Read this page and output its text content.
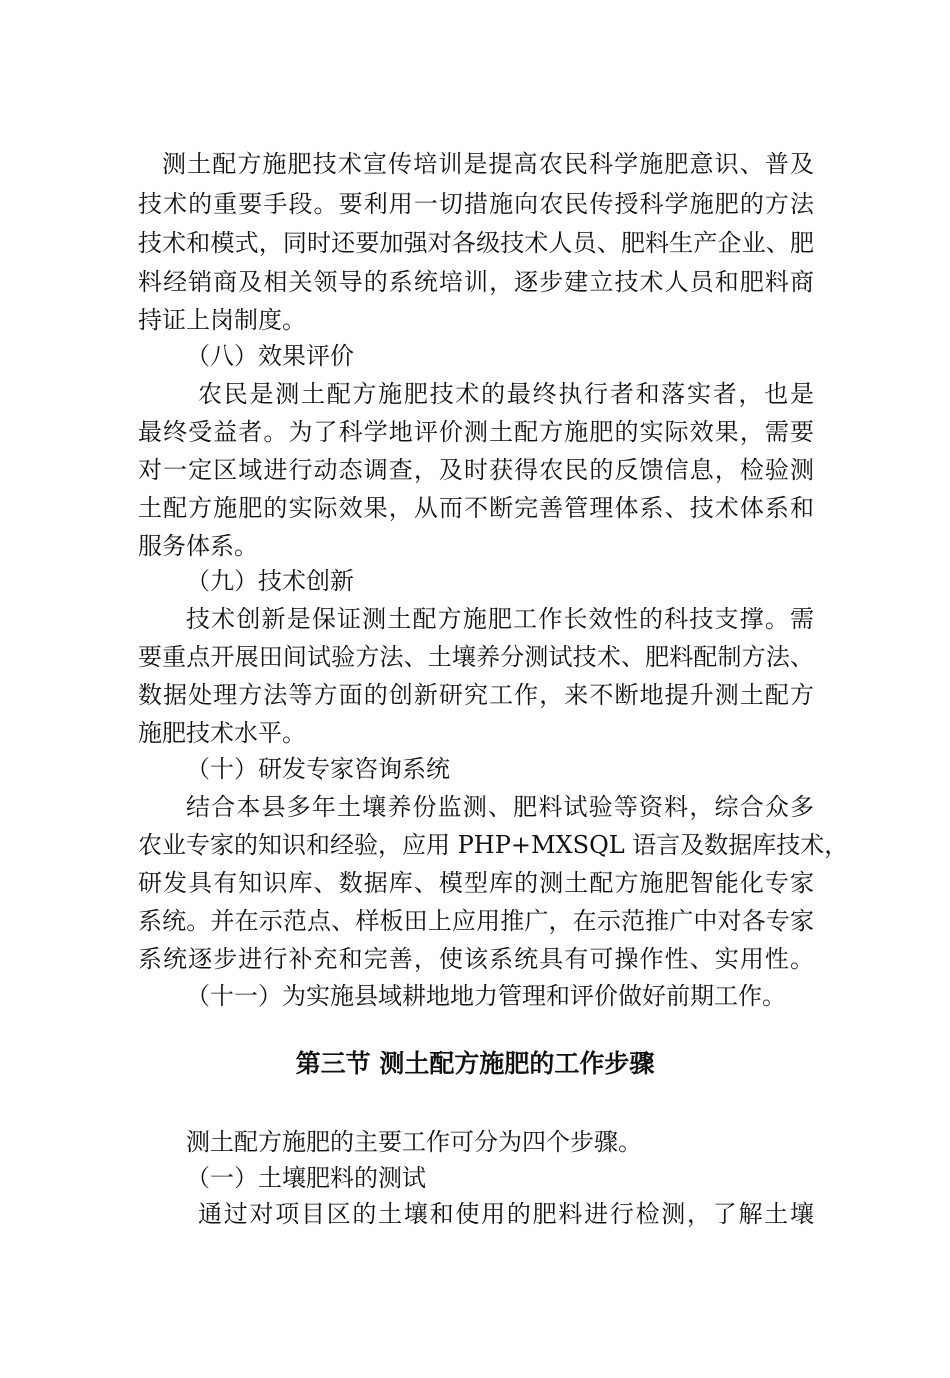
测土配方施肥技术宣传培训是提高农民科学施肥意识、普及
技术的重要手段。要利用一切措施向农民传授科学施肥的方法
技术和模式，同时还要加强对各级技术人员、肥料生产企业、肥
料经销商及相关领导的系统培训，逐步建立技术人员和肥料商
持证上岗制度。
（八）效果评价
农民是测土配方施肥技术的最终执行者和落实者，也是
最终受益者。为了科学地评价测土配方施肥的实际效果，需要
对一定区域进行动态调查，及时获得农民的反馈信息，检验测
土配方施肥的实际效果，从而不断完善管理体系、技术体系和
服务体系。
（九）技术创新
技术创新是保证测土配方施肥工作长效性的科技支撑。需
要重点开展田间试验方法、土壤养分测试技术、肥料配制方法、
数据处理方法等方面的创新研究工作，来不断地提升测土配方
施肥技术水平。
（十）研发专家咨询系统
结合本县多年土壤养份监测、肥料试验等资料，综合众多
农业专家的知识和经验，应用 PHP+MXSQL 语言及数据库技术，
研发具有知识库、数据库、模型库的测土配方施肥智能化专家
系统。并在示范点、样板田上应用推广，在示范推广中对各专家
系统逐步进行补充和完善，使该系统具有可操作性、实用性。
（十一）为实施县域耕地地力管理和评价做好前期工作。
第三节 测土配方施肥的工作步骤
测土配方施肥的主要工作可分为四个步骤。
（一）土壤肥料的测试
通过对项目区的土壤和使用的肥料进行检测，了解土壤
